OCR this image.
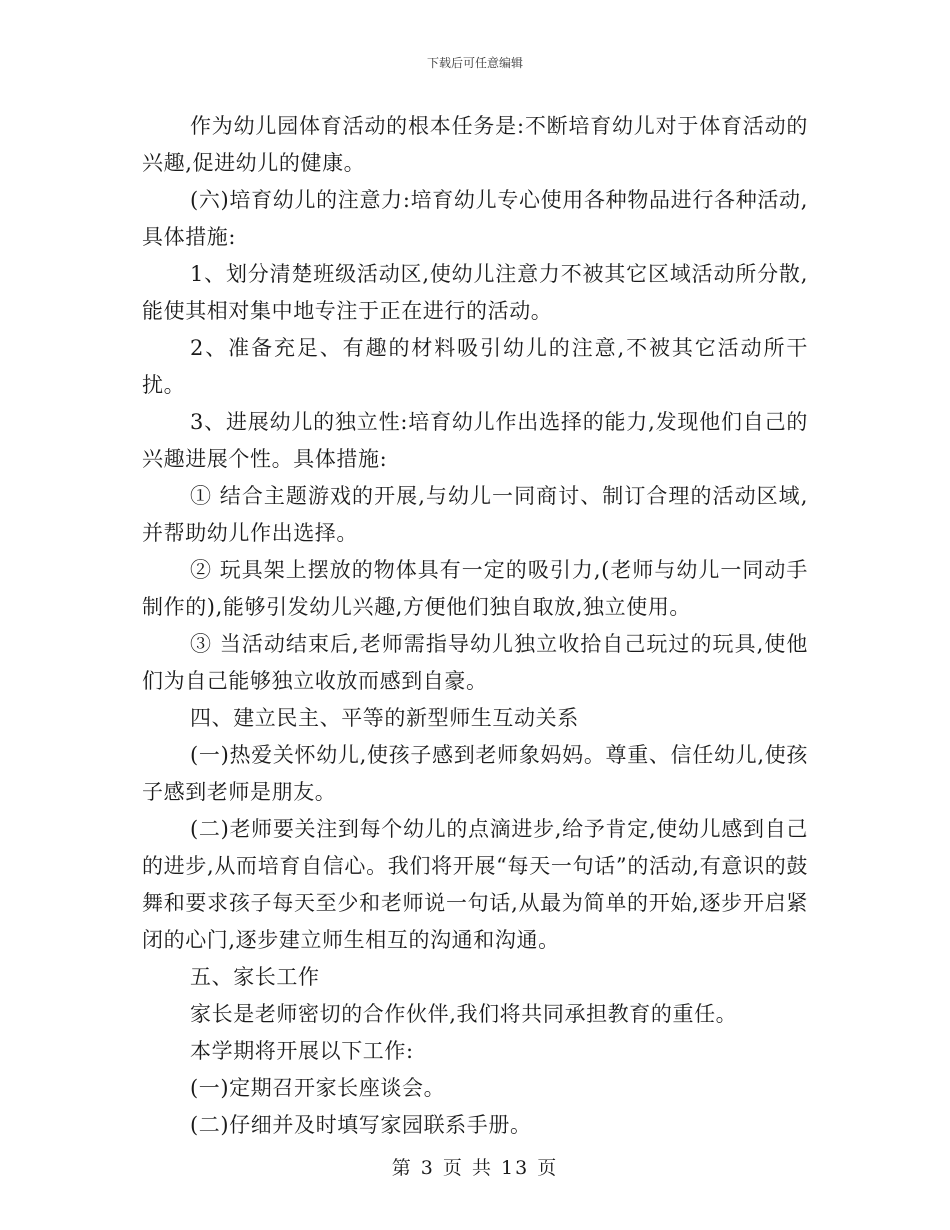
下载后可任意编辑

作为幼儿园体育活动的根本任务是:不断培育幼儿对于体育活动的兴趣,促进幼儿的健康。

(六)培育幼儿的注意力:培育幼儿专心使用各种物品进行各种活动,具体措施:

1、划分清楚班级活动区,使幼儿注意力不被其它区域活动所分散,能使其相对集中地专注于正在进行的活动。

2、准备充足、有趣的材料吸引幼儿的注意,不被其它活动所干扰。

3、进展幼儿的独立性:培育幼儿作出选择的能力,发现他们自己的兴趣进展个性。具体措施:

① 结合主题游戏的开展,与幼儿一同商讨、制订合理的活动区域,并帮助幼儿作出选择。

② 玩具架上摆放的物体具有一定的吸引力,(老师与幼儿一同动手制作的),能够引发幼儿兴趣,方便他们独自取放,独立使用。

③ 当活动结束后,老师需指导幼儿独立收拾自己玩过的玩具,使他们为自己能够独立收放而感到自豪。

四、建立民主、平等的新型师生互动关系

(一)热爱关怀幼儿,使孩子感到老师象妈妈。尊重、信任幼儿,使孩子感到老师是朋友。

(二)老师要关注到每个幼儿的点滴进步,给予肯定,使幼儿感到自己的进步,从而培育自信心。我们将开展“每天一句话”的活动,有意识的鼓舞和要求孩子每天至少和老师说一句话,从最为简单的开始,逐步开启紧闭的心门,逐步建立师生相互的沟通和沟通。

五、家长工作

家长是老师密切的合作伙伴,我们将共同承担教育的重任。

本学期将开展以下工作:

(一)定期召开家长座谈会。

(二)仔细并及时填写家园联系手册。

第 3 页 共 13 页
